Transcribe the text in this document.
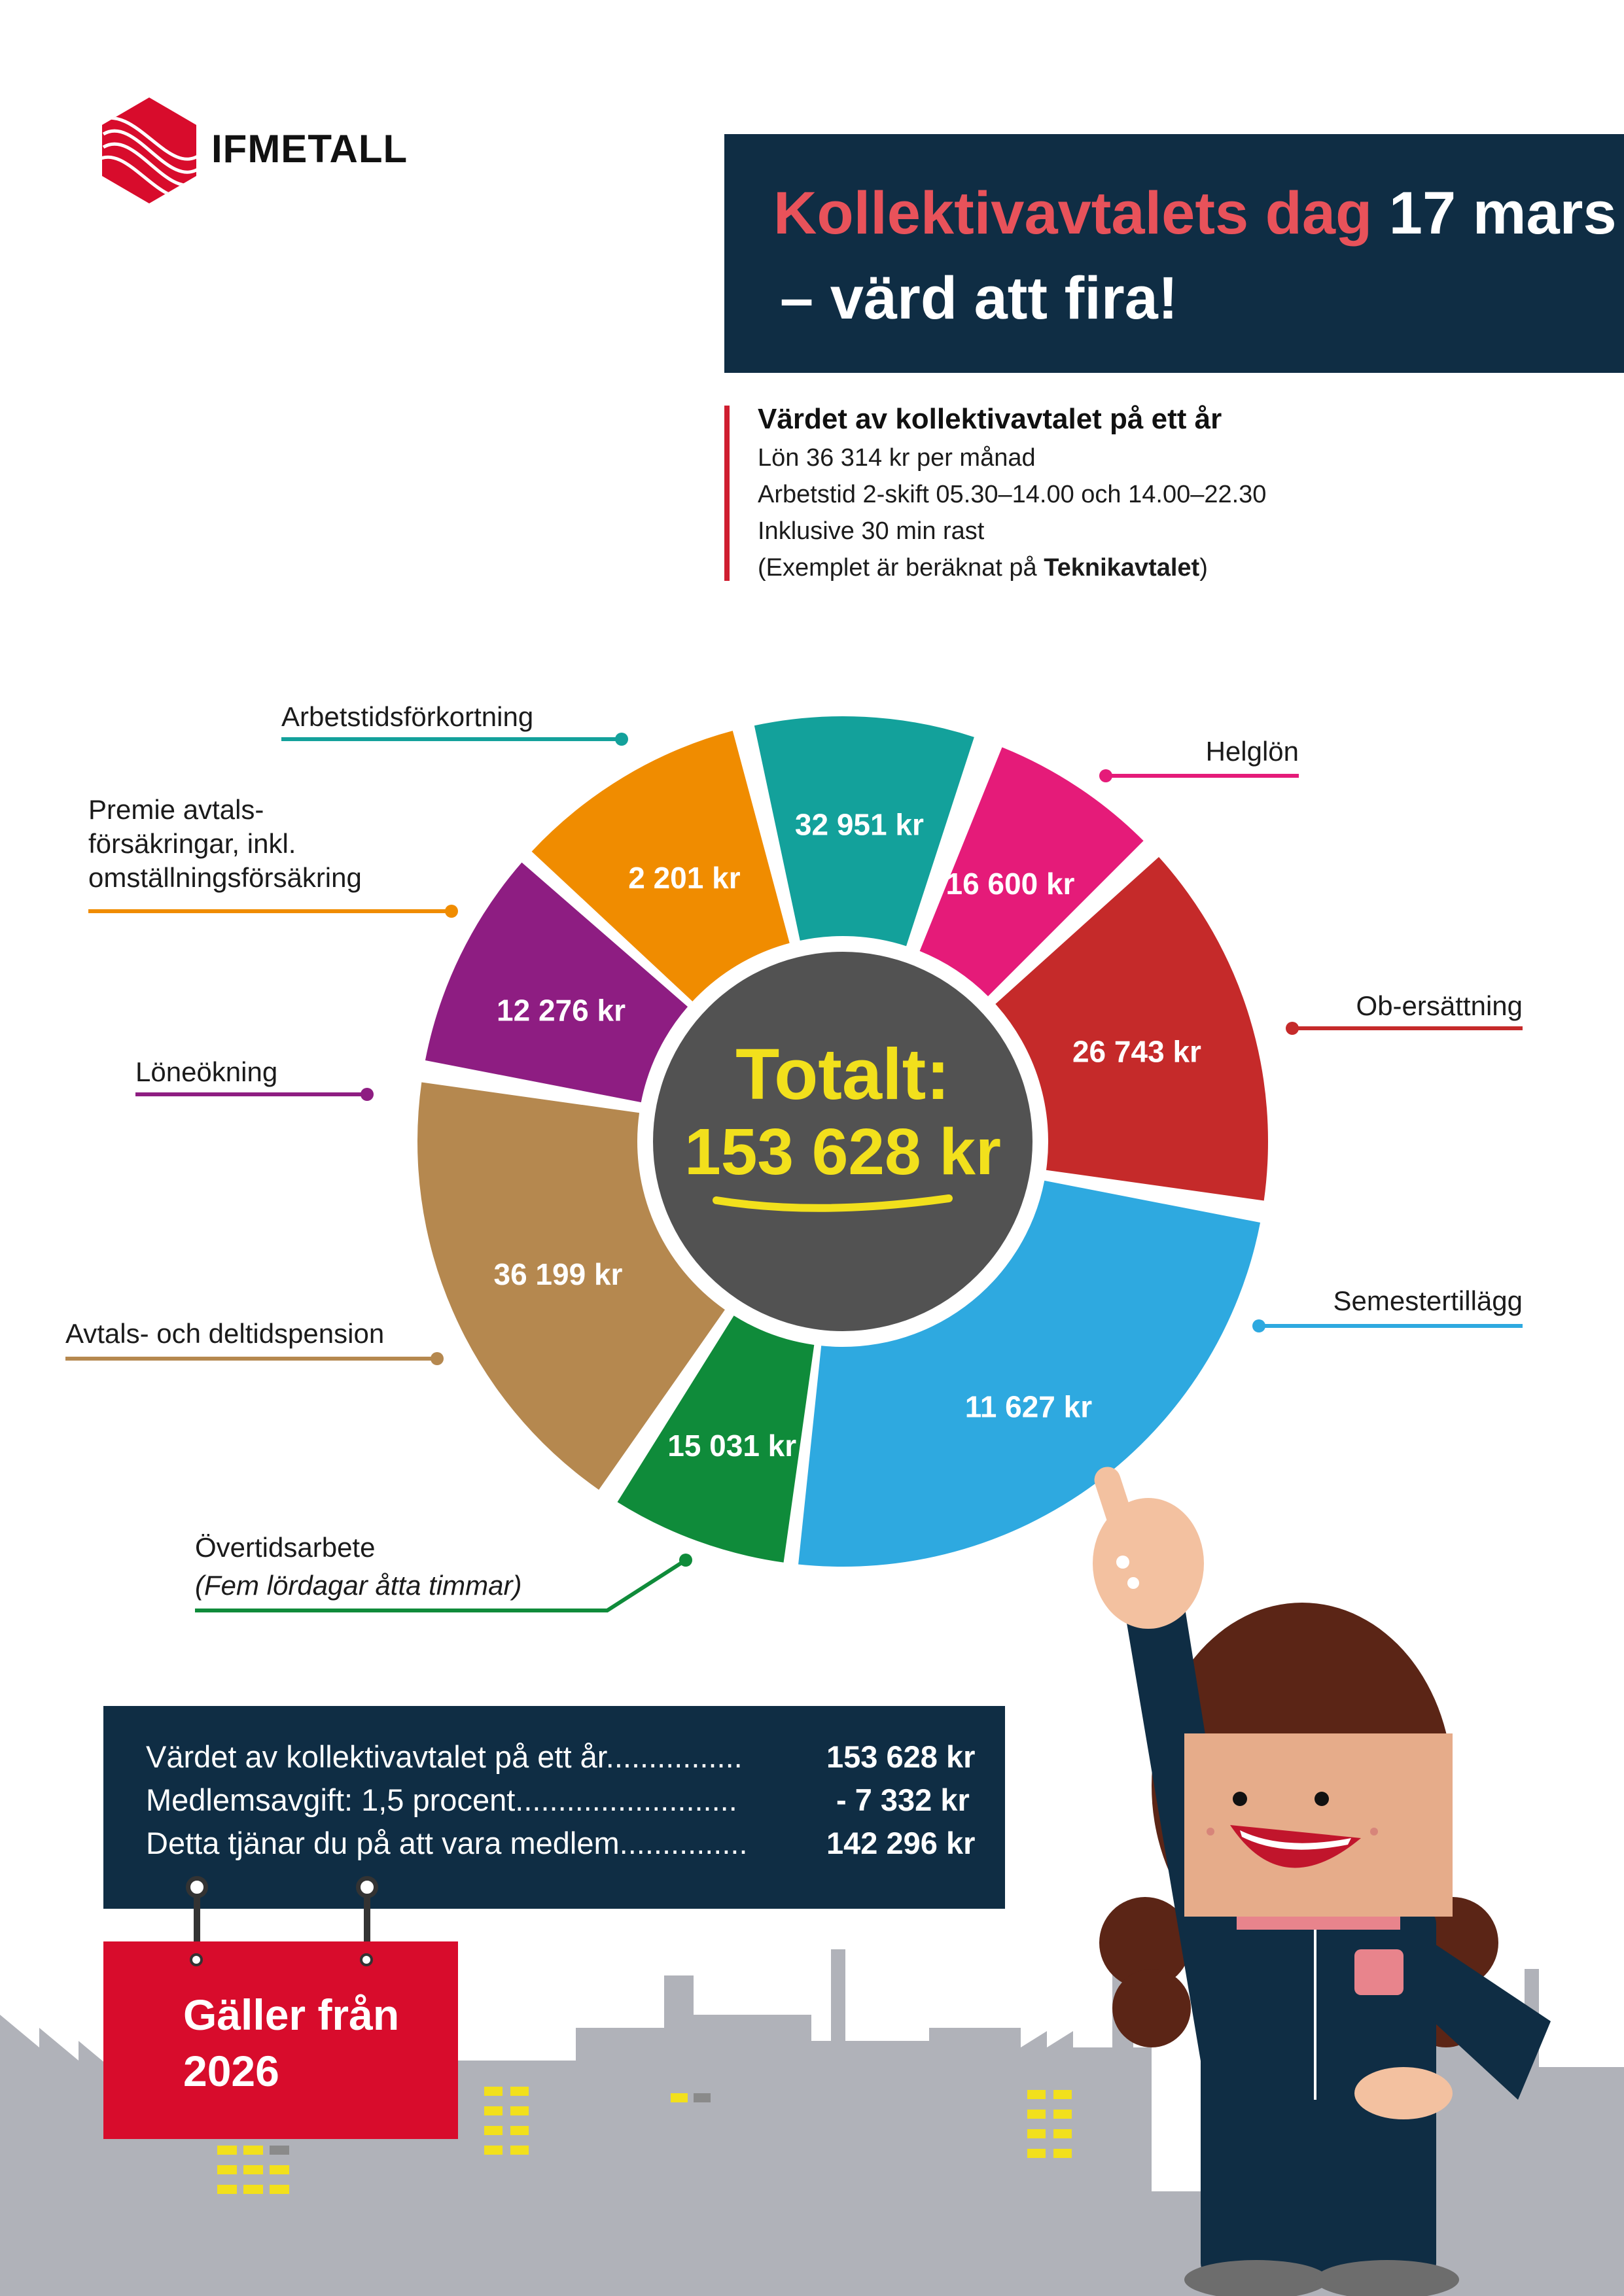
IFMETALL
Kollektivavtalets dag 17 mars
– värd att fira!
Värdet av kollektivavtalet på ett år
Lön 36 314 kr per månad
Arbetstid 2-skift 05.30–14.00 och 14.00–22.30
Inklusive 30 min rast
(Exemplet är beräknat på Teknikavtalet)
Arbetstidsförkortning
Helglön
Ob-ersättning
Semestertillägg
Övertidsarbete
(Fem lördagar åtta timmar)
Avtals- och deltidspension
Löneökning
Premie avtals-
försäkringar, inkl.
omställningsförsäkring
32 951 kr
16 600 kr
26 743 kr
11 627 kr
15 031 kr
36 199 kr
12 276 kr
2 201 kr
Totalt:
153 628 kr
Värdet av kollektivavtalet på ett år................	153 628 kr
Medlemsavgift: 1,5 procent..........................	- 7 332 kr
Detta tjänar du på att vara medlem...............	142 296 kr
Gäller från
2026
